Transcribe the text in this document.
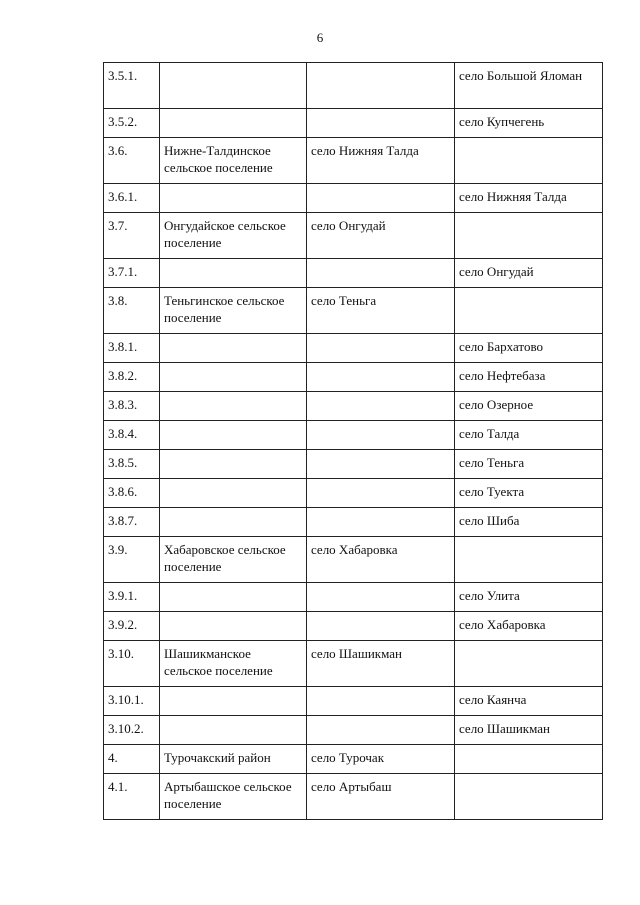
6
3.5.1.			село Большой Яломан
3.5.2.			село Купчегень
3.6.	Нижне-Талдинское сельское поселение	село Нижняя Талда	
3.6.1.			село Нижняя Талда
3.7.	Онгудайское сельское поселение	село Онгудай	
3.7.1.			село Онгудай
3.8.	Теньгинское сельское поселение	село Теньга	
3.8.1.			село Бархатово
3.8.2.			село Нефтебаза
3.8.3.			село Озерное
3.8.4.			село Талда
3.8.5.			село Теньга
3.8.6.			село Туекта
3.8.7.			село Шиба
3.9.	Хабаровское сельское поселение	село Хабаровка	
3.9.1.			село Улита
3.9.2.			село Хабаровка
3.10.	Шашикманское сельское поселение	село Шашикман	
3.10.1.			село Каянча
3.10.2.			село Шашикман
4.	Турочакский район	село Турочак	
4.1.	Артыбашское сельское поселение	село Артыбаш	
